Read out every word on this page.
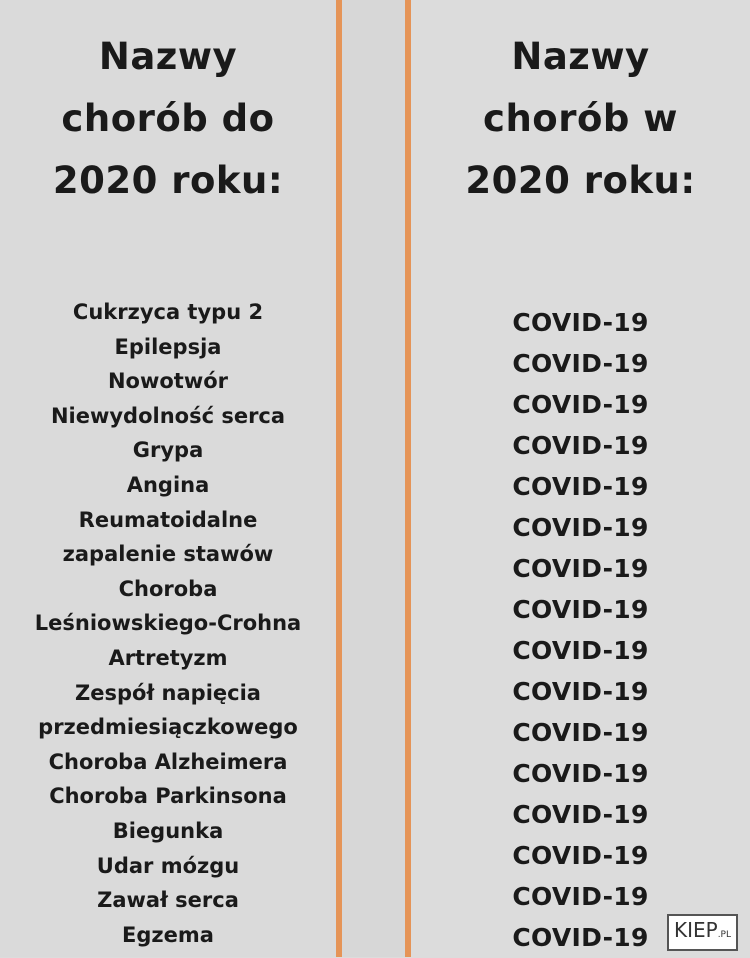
Nazwy
chorób do
2020 roku:
Cukrzyca typu 2
Epilepsja
Nowotwór
Niewydolność serca
Grypa
Angina
Reumatoidalne
zapalenie stawów
Choroba
Leśniowskiego-Crohna
Artretyzm
Zespół napięcia
przedmiesiączkowego
Choroba Alzheimera
Choroba Parkinsona
Biegunka
Udar mózgu
Zawał serca
Egzema
Nazwy
chorób w
2020 roku:
COVID-19
COVID-19
COVID-19
COVID-19
COVID-19
COVID-19
COVID-19
COVID-19
COVID-19
COVID-19
COVID-19
COVID-19
COVID-19
COVID-19
COVID-19
COVID-19	KIEP.PL
